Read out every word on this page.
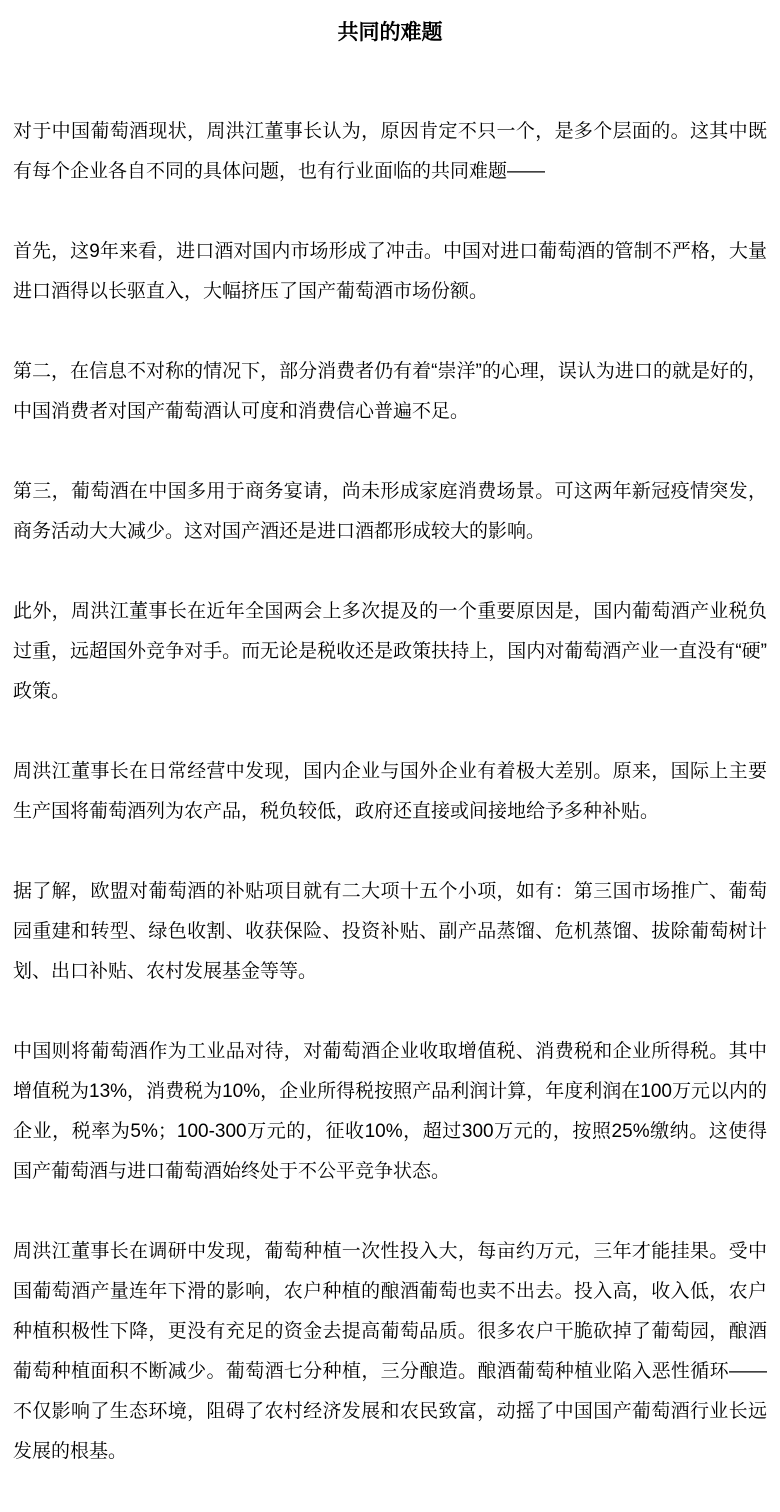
共同的难题

对于中国葡萄酒现状，周洪江董事长认为，原因肯定不只一个，是多个层面的。这其中既有每个企业各自不同的具体问题，也有行业面临的共同难题——

首先，这9年来看，进口酒对国内市场形成了冲击。中国对进口葡萄酒的管制不严格，大量进口酒得以长驱直入，大幅挤压了国产葡萄酒市场份额。

第二，在信息不对称的情况下，部分消费者仍有着“崇洋”的心理，误认为进口的就是好的，中国消费者对国产葡萄酒认可度和消费信心普遍不足。

第三，葡萄酒在中国多用于商务宴请，尚未形成家庭消费场景。可这两年新冠疫情突发，商务活动大大减少。这对国产酒还是进口酒都形成较大的影响。

此外，周洪江董事长在近年全国两会上多次提及的一个重要原因是，国内葡萄酒产业税负过重，远超国外竞争对手。而无论是税收还是政策扶持上，国内对葡萄酒产业一直没有“硬”政策。

周洪江董事长在日常经营中发现，国内企业与国外企业有着极大差别。原来，国际上主要生产国将葡萄酒列为农产品，税负较低，政府还直接或间接地给予多种补贴。

据了解，欧盟对葡萄酒的补贴项目就有二大项十五个小项，如有：第三国市场推广、葡萄园重建和转型、绿色收割、收获保险、投资补贴、副产品蒸馏、危机蒸馏、拔除葡萄树计划、出口补贴、农村发展基金等等。

中国则将葡萄酒作为工业品对待，对葡萄酒企业收取增值税、消费税和企业所得税。其中增值税为13%，消费税为10%，企业所得税按照产品利润计算，年度利润在100万元以内的企业，税率为5%；100-300万元的，征收10%，超过300万元的，按照25%缴纳。这使得国产葡萄酒与进口葡萄酒始终处于不公平竞争状态。

周洪江董事长在调研中发现，葡萄种植一次性投入大，每亩约万元，三年才能挂果。受中国葡萄酒产量连年下滑的影响，农户种植的酿酒葡萄也卖不出去。投入高，收入低，农户种植积极性下降，更没有充足的资金去提高葡萄品质。很多农户干脆砍掉了葡萄园，酿酒葡萄种植面积不断减少。葡萄酒七分种植，三分酿造。酿酒葡萄种植业陷入恶性循环——不仅影响了生态环境，阻碍了农村经济发展和农民致富，动摇了中国国产葡萄酒行业长远发展的根基。
